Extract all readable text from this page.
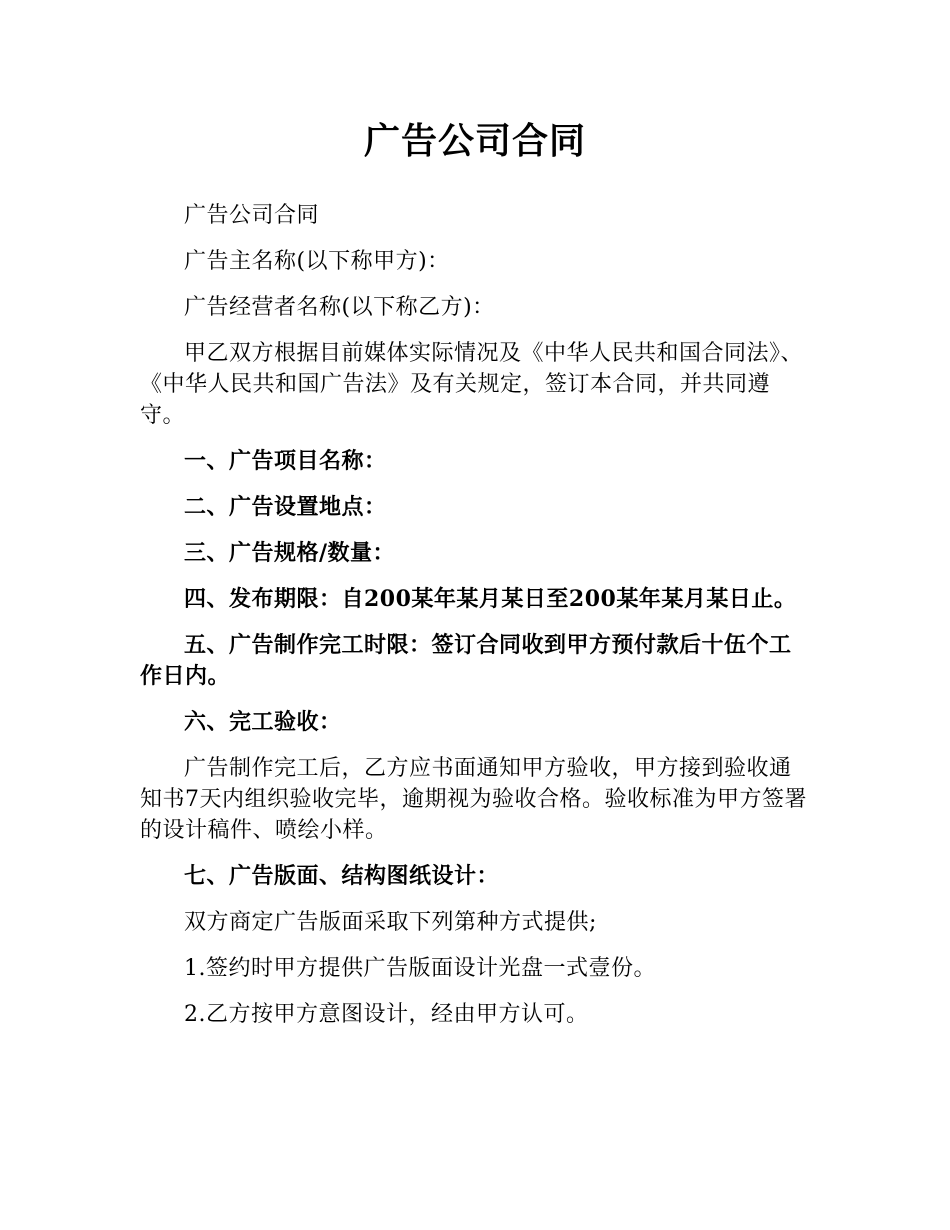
广告公司合同

广告公司合同

广告主名称(以下称甲方)：

广告经营者名称(以下称乙方)：

甲乙双方根据目前媒体实际情况及《中华人民共和国合同法》、《中华人民共和国广告法》及有关规定，签订本合同，并共同遵守。

一、广告项目名称：

二、广告设置地点：

三、广告规格/数量：

四、发布期限：自200某年某月某日至200某年某月某日止。

五、广告制作完工时限：签订合同收到甲方预付款后十伍个工作日内。

六、完工验收：

广告制作完工后，乙方应书面通知甲方验收，甲方接到验收通知书7天内组织验收完毕，逾期视为验收合格。验收标准为甲方签署的设计稿件、喷绘小样。

七、广告版面、结构图纸设计：

双方商定广告版面采取下列第种方式提供;

1.签约时甲方提供广告版面设计光盘一式壹份。

2.乙方按甲方意图设计，经由甲方认可。
